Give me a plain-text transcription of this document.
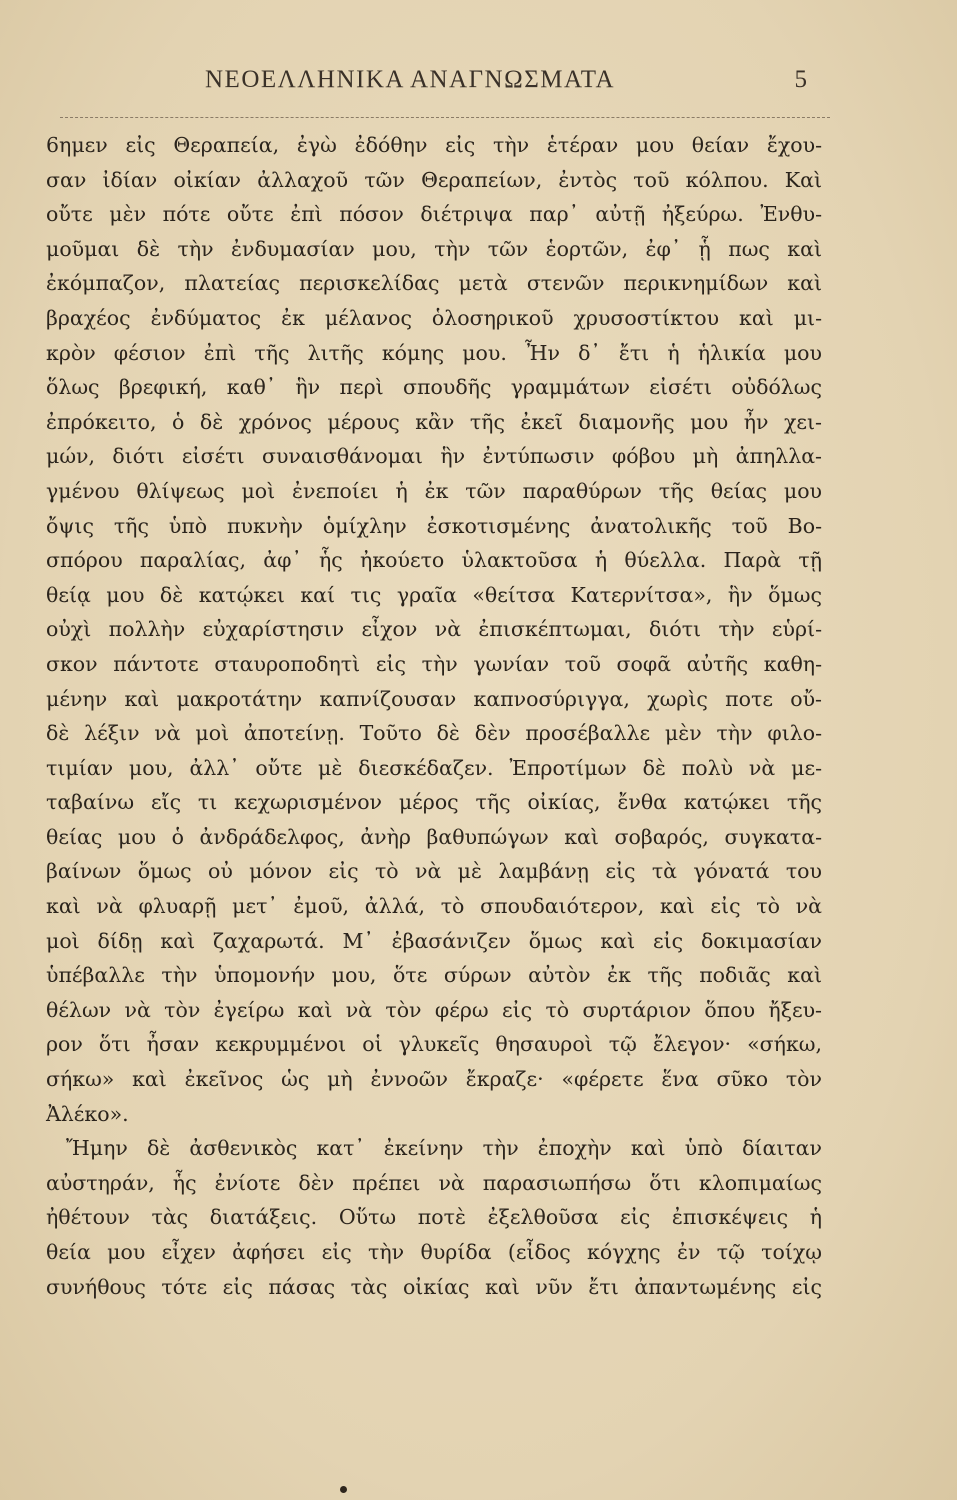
ΝΕΟΕΛΛΗΝΙΚΑ ΑΝΑΓΝΩΣΜΑΤΑ	5
6ημεν εἰς Θεραπεία, ἐγὼ ἐδόθην εἰς τὴν ἑτέραν μου θείαν ἔχου-
σαν ἰδίαν οἰκίαν ἀλλαχοῦ τῶν Θεραπείων, ἐντὸς τοῦ κόλπου. Καὶ
οὔτε μὲν πότε οὔτε ἐπὶ πόσον διέτριψα παρ᾽ αὐτῇ ἠξεύρω. Ἐνθυ-
μοῦμαι δὲ τὴν ἐνδυμασίαν μου, τὴν τῶν ἑορτῶν, ἐφ᾽ ᾗ πως καὶ
ἐκόμπαζον, πλατείας περισκελίδας μετὰ στενῶν περικνημίδων καὶ
βραχέος ἐνδύματος ἐκ μέλανος ὁλοσηρικοῦ χρυσοστίκτου καὶ μι-
κρὸν φέσιον ἐπὶ τῆς λιτῆς κόμης μου. Ἦν δ᾽ ἔτι ἡ ἡλικία μου
ὅλως βρεφική, καθ᾽ ἣν περὶ σπουδῆς γραμμάτων εἰσέτι οὐδόλως
ἐπρόκειτο, ὁ δὲ χρόνος μέρους κἂν τῆς ἐκεῖ διαμονῆς μου ἦν χει-
μών, διότι εἰσέτι συναισθάνομαι ἣν ἐντύπωσιν φόβου μὴ ἀπηλλα-
γμένου θλίψεως μοὶ ἐνεποίει ἡ ἐκ τῶν παραθύρων τῆς θείας μου
ὄψις τῆς ὑπὸ πυκνὴν ὁμίχλην ἐσκοτισμένης ἀνατολικῆς τοῦ Βο-
σπόρου παραλίας, ἀφ᾽ ἧς ἠκούετο ὑλακτοῦσα ἡ θύελλα. Παρὰ τῇ
θείᾳ μου δὲ κατῴκει καί τις γραῖα «θείτσα Κατερνίτσα», ἣν ὅμως
οὐχὶ πολλὴν εὐχαρίστησιν εἶχον νὰ ἐπισκέπτωμαι, διότι τὴν εὑρί-
σκον πάντοτε σταυροποδητὶ εἰς τὴν γωνίαν τοῦ σοφᾶ αὐτῆς καθη-
μένην καὶ μακροτάτην καπνίζουσαν καπνοσύριγγα, χωρὶς ποτε οὔ-
δὲ λέξιν νὰ μοὶ ἀποτείνῃ. Τοῦτο δὲ δὲν προσέβαλλε μὲν τὴν φιλο-
τιμίαν μου, ἀλλ᾽ οὔτε μὲ διεσκέδαζεν. Ἐπροτίμων δὲ πολὺ νὰ με-
ταβαίνω εἴς τι κεχωρισμένον μέρος τῆς οἰκίας, ἔνθα κατῴκει τῆς
θείας μου ὁ ἀνδράδελφος, ἀνὴρ βαθυπώγων καὶ σοβαρός, συγκατα-
βαίνων ὅμως οὐ μόνον εἰς τὸ νὰ μὲ λαμβάνῃ εἰς τὰ γόνατά του
καὶ νὰ φλυαρῇ μετ᾽ ἐμοῦ, ἀλλά, τὸ σπουδαιότερον, καὶ εἰς τὸ νὰ
μοὶ δίδῃ καὶ ζαχαρωτά. Μ᾽ ἐβασάνιζεν ὅμως καὶ εἰς δοκιμασίαν
ὑπέβαλλε τὴν ὑπομονήν μου, ὅτε σύρων αὐτὸν ἐκ τῆς ποδιᾶς καὶ
θέλων νὰ τὸν ἐγείρω καὶ νὰ τὸν φέρω εἰς τὸ συρτάριον ὅπου ἤξευ-
ρον ὅτι ἦσαν κεκρυμμένοι οἱ γλυκεῖς θησαυροὶ τῷ ἔλεγον· «σήκω,
σήκω» καὶ ἐκεῖνος ὡς μὴ ἐννοῶν ἔκραζε· «φέρετε ἕνα σῦκο τὸν
Ἀλέκο».
Ἤμην δὲ ἀσθενικὸς κατ᾽ ἐκείνην τὴν ἐποχὴν καὶ ὑπὸ δίαιταν
αὐστηράν, ἧς ἐνίοτε δὲν πρέπει νὰ παρασιωπήσω ὅτι κλοπιμαίως
ἠθέτουν τὰς διατάξεις. Οὕτω ποτὲ ἐξελθοῦσα εἰς ἐπισκέψεις ἡ
θεία μου εἶχεν ἀφήσει εἰς τὴν θυρίδα (εἶδος κόγχης ἐν τῷ τοίχῳ
συνήθους τότε εἰς πάσας τὰς οἰκίας καὶ νῦν ἔτι ἀπαντωμένης εἰς
